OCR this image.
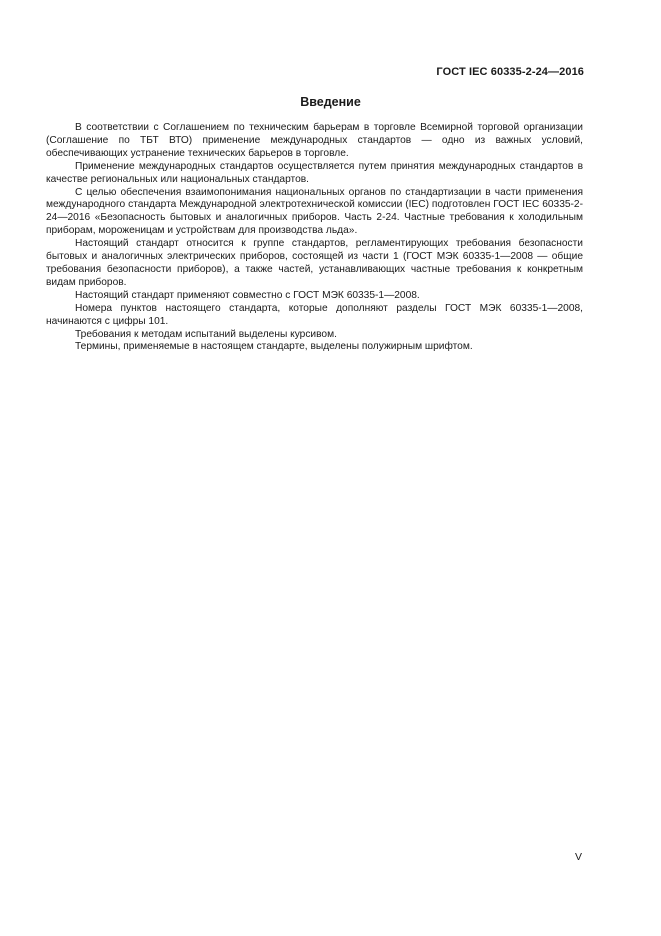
ГОСТ IEC 60335-2-24—2016
Введение

В соответствии с Соглашением по техническим барьерам в торговле Всемирной торговой организации (Соглашение по ТБТ ВТО) применение международных стандартов — одно из важных условий, обеспечивающих устранение технических барьеров в торговле.

Применение международных стандартов осуществляется путем принятия международных стандартов в качестве региональных или национальных стандартов.

С целью обеспечения взаимопонимания национальных органов по стандартизации в части применения международного стандарта Международной электротехнической комиссии (IEC) подготовлен ГОСТ IEC 60335-2-24—2016 «Безопасность бытовых и аналогичных приборов. Часть 2-24. Частные требования к холодильным приборам, мороженицам и устройствам для производства льда».

Настоящий стандарт относится к группе стандартов, регламентирующих требования безопасности бытовых и аналогичных электрических приборов, состоящей из части 1 (ГОСТ МЭК 60335-1—2008 — общие требования безопасности приборов), а также частей, устанавливающих частные требования к конкретным видам приборов.

Настоящий стандарт применяют совместно с ГОСТ МЭК 60335-1—2008.

Номера пунктов настоящего стандарта, которые дополняют разделы ГОСТ МЭК 60335-1—2008, начинаются с цифры 101.

Требования к методам испытаний выделены курсивом.

Термины, применяемые в настоящем стандарте, выделены полужирным шрифтом.

V
